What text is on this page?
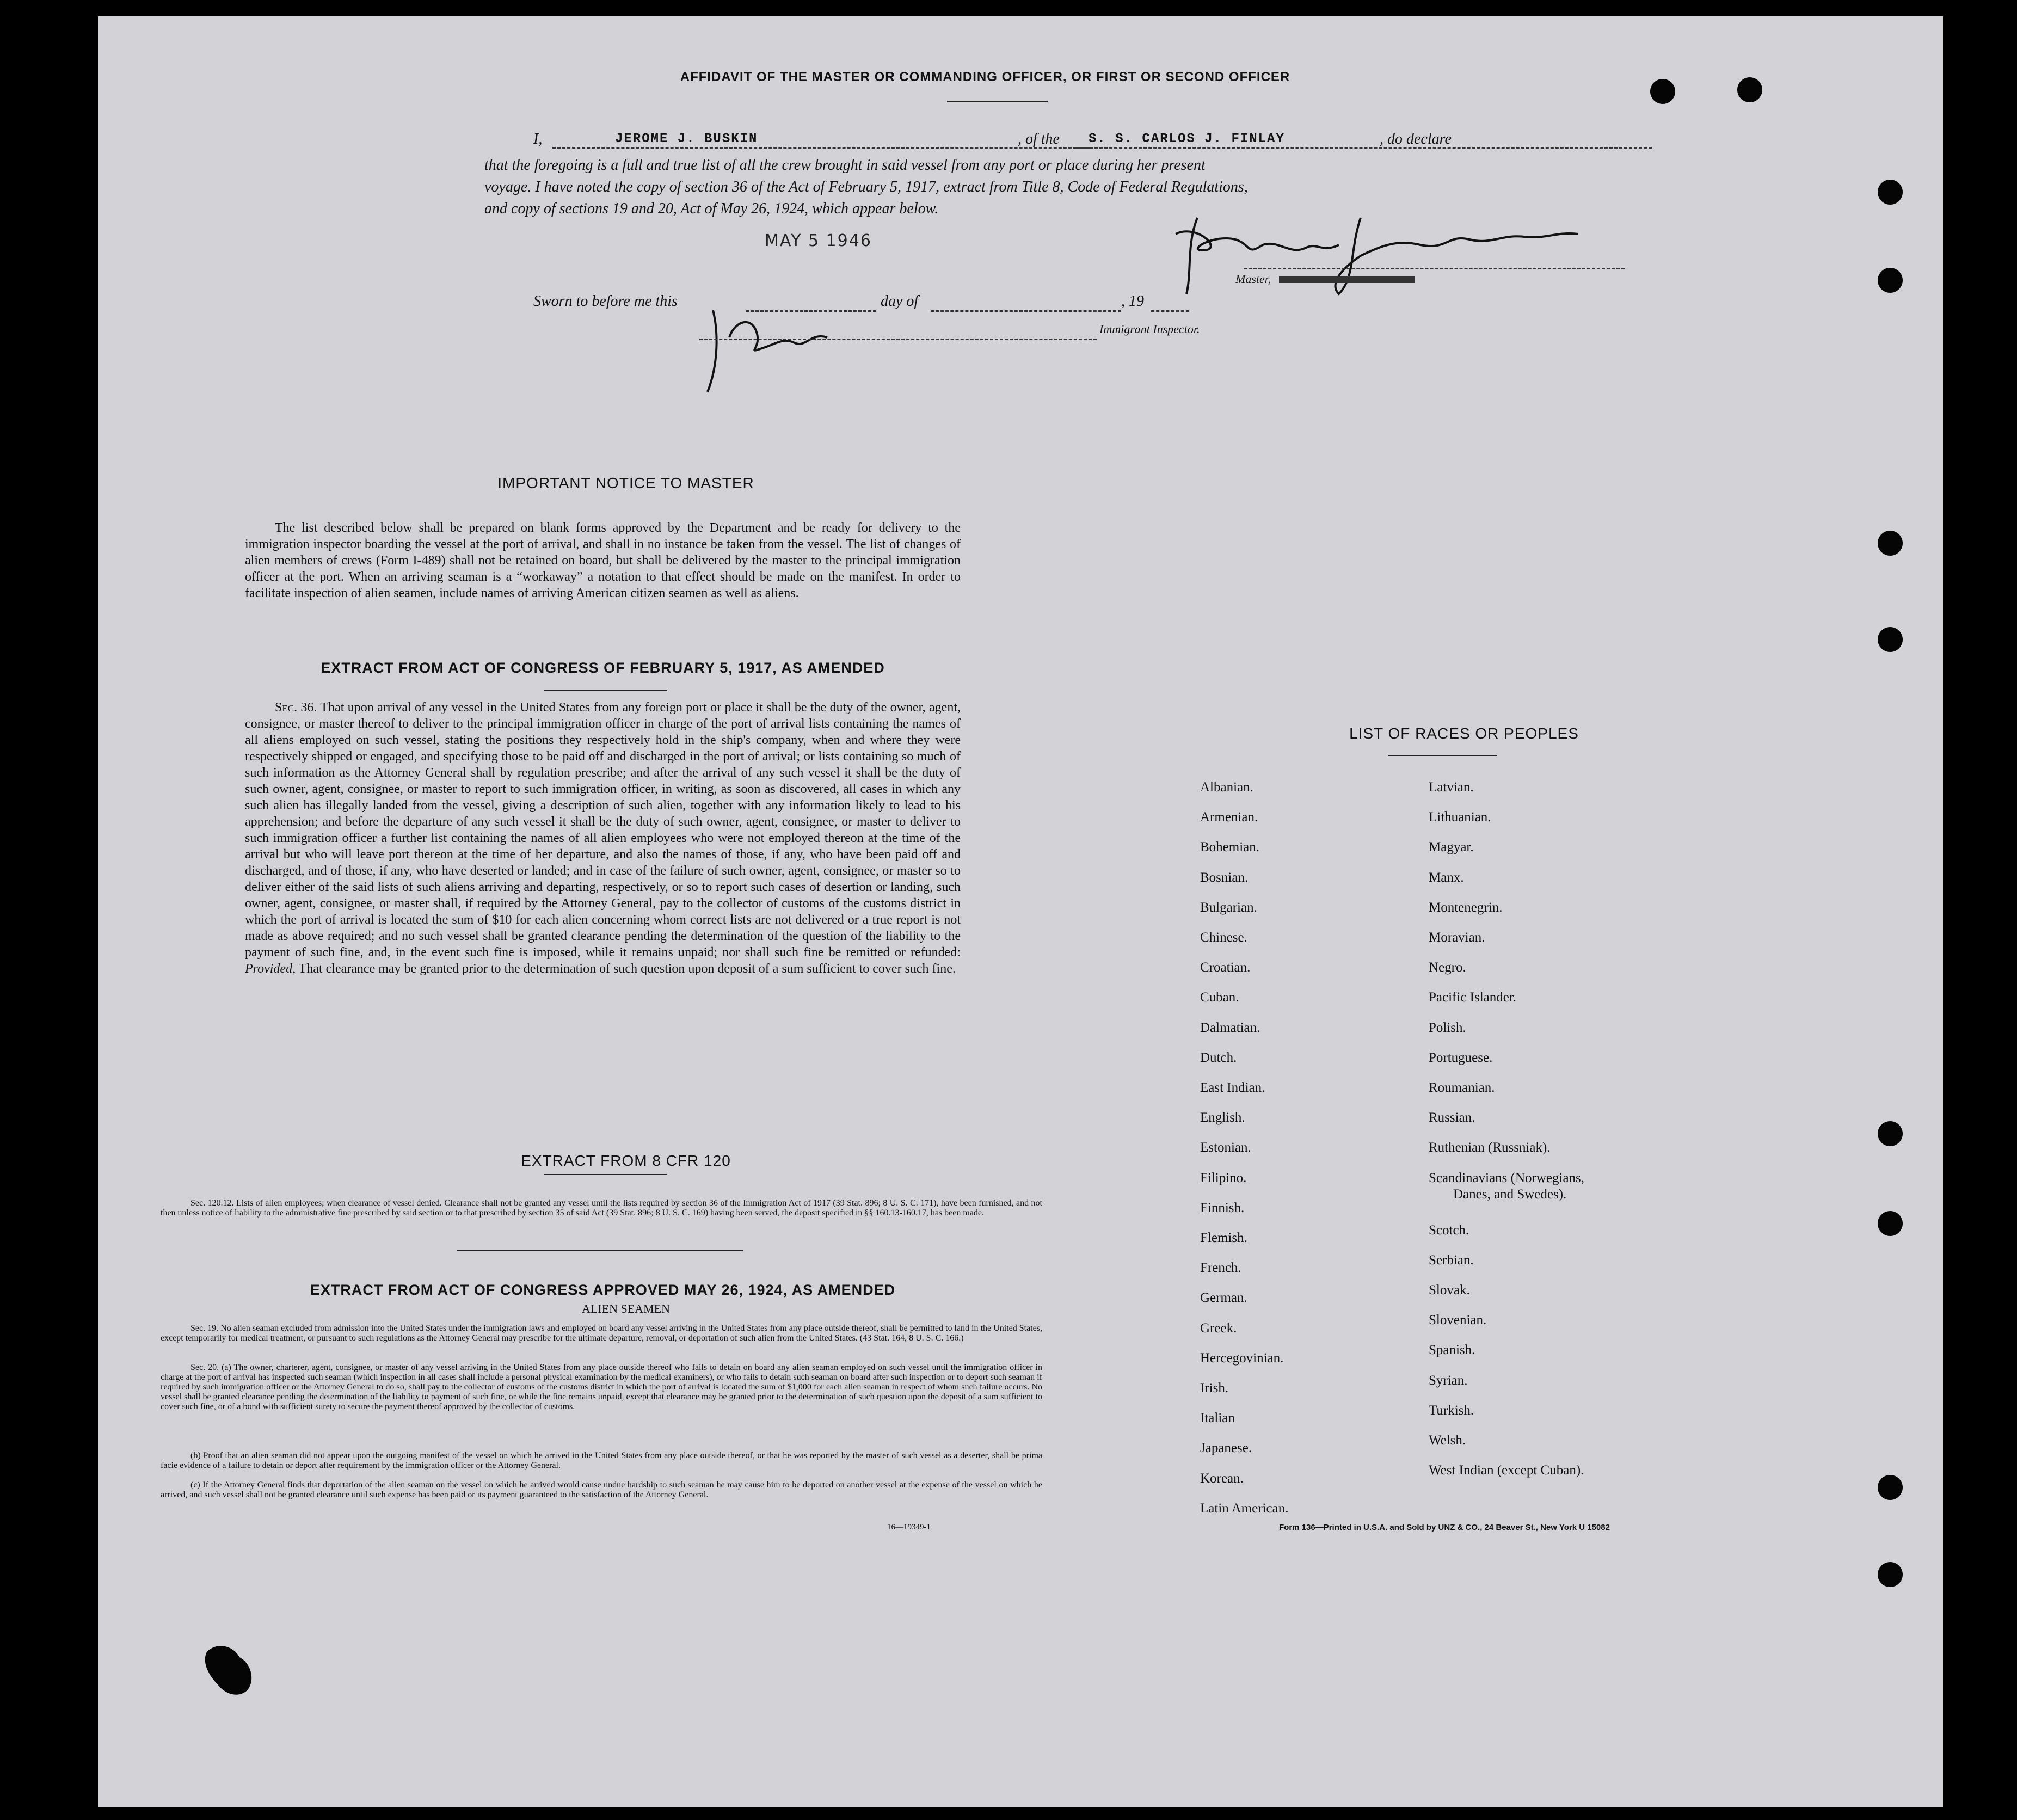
AFFIDAVIT OF THE MASTER OR COMMANDING OFFICER, OR FIRST OR SECOND OFFICER
I,	JEROME J. BUSKIN	, of the S. S. CARLOS J. FINLAY	, do declare
that the foregoing is a full and true list of all the crew brought in said vessel from any port or place during her present
voyage. I have noted the copy of section 36 of the Act of February 5, 1917, extract from Title 8, Code of Federal Regulations,
and copy of sections 19 and 20, Act of May 26, 1924, which appear below.
MAY 5 1946
Master,
Sworn to before me this	day of	, 19
Immigrant Inspector.
IMPORTANT NOTICE TO MASTER
The list described below shall be prepared on blank forms approved by the Department and be ready for delivery to the immigration inspector boarding the vessel at the port of arrival, and shall in no instance be taken from the vessel. The list of changes of alien members of crews (Form I-489) shall not be retained on board, but shall be delivered by the master to the principal immigration officer at the port. When an arriving seaman is a “workaway” a notation to that effect should be made on the manifest. In order to facilitate inspection of alien seamen, include names of arriving American citizen seamen as well as aliens.
EXTRACT FROM ACT OF CONGRESS OF FEBRUARY 5, 1917, AS AMENDED
Sec. 36. That upon arrival of any vessel in the United States from any foreign port or place it shall be the duty of the owner, agent, consignee, or master thereof to deliver to the principal immigration officer in charge of the port of arrival lists containing the names of all aliens employed on such vessel, stating the positions they respectively hold in the ship's company, when and where they were respectively shipped or engaged, and specifying those to be paid off and discharged in the port of arrival; or lists containing so much of such information as the Attorney General shall by regulation prescribe; and after the arrival of any such vessel it shall be the duty of such owner, agent, consignee, or master to report to such immigration officer, in writing, as soon as discovered, all cases in which any such alien has illegally landed from the vessel, giving a description of such alien, together with any information likely to lead to his apprehension; and before the departure of any such vessel it shall be the duty of such owner, agent, consignee, or master to deliver to such immigration officer a further list containing the names of all alien employees who were not employed thereon at the time of the arrival but who will leave port thereon at the time of her departure, and also the names of those, if any, who have been paid off and discharged, and of those, if any, who have deserted or landed; and in case of the failure of such owner, agent, consignee, or master so to deliver either of the said lists of such aliens arriving and departing, respectively, or so to report such cases of desertion or landing, such owner, agent, consignee, or master shall, if required by the Attorney General, pay to the collector of customs of the customs district in which the port of arrival is located the sum of $10 for each alien concerning whom correct lists are not delivered or a true report is not made as above required; and no such vessel shall be granted clearance pending the determination of the question of the liability to the payment of such fine, and, in the event such fine is imposed, while it remains unpaid; nor shall such fine be remitted or refunded: Provided, That clearance may be granted prior to the determination of such question upon deposit of a sum sufficient to cover such fine.
EXTRACT FROM 8 CFR 120
Sec. 120.12. Lists of alien employees; when clearance of vessel denied. Clearance shall not be granted any vessel until the lists required by section 36 of the Immigration Act of 1917 (39 Stat. 896; 8 U. S. C. 171), have been furnished, and not then unless notice of liability to the administrative fine prescribed by said section or to that prescribed by section 35 of said Act (39 Stat. 896; 8 U. S. C. 169) having been served, the deposit specified in §§ 160.13-160.17, has been made.
EXTRACT FROM ACT OF CONGRESS APPROVED MAY 26, 1924, AS AMENDED
ALIEN SEAMEN
Sec. 19. No alien seaman excluded from admission into the United States under the immigration laws and employed on board any vessel arriving in the United States from any place outside thereof, shall be permitted to land in the United States, except temporarily for medical treatment, or pursuant to such regulations as the Attorney General may prescribe for the ultimate departure, removal, or deportation of such alien from the United States. (43 Stat. 164, 8 U. S. C. 166.)
Sec. 20. (a) The owner, charterer, agent, consignee, or master of any vessel arriving in the United States from any place outside thereof who fails to detain on board any alien seaman employed on such vessel until the immigration officer in charge at the port of arrival has inspected such seaman (which inspection in all cases shall include a personal physical examination by the medical examiners), or who fails to detain such seaman on board after such inspection or to deport such seaman if required by such immigration officer or the Attorney General to do so, shall pay to the collector of customs of the customs district in which the port of arrival is located the sum of $1,000 for each alien seaman in respect of whom such failure occurs. No vessel shall be granted clearance pending the determination of the liability to payment of such fine, or while the fine remains unpaid, except that clearance may be granted prior to the determination of such question upon the deposit of a sum sufficient to cover such fine, or of a bond with sufficient surety to secure the payment thereof approved by the collector of customs.
(b) Proof that an alien seaman did not appear upon the outgoing manifest of the vessel on which he arrived in the United States from any place outside thereof, or that he was reported by the master of such vessel as a deserter, shall be prima facie evidence of a failure to detain or deport after requirement by the immigration officer or the Attorney General.
(c) If the Attorney General finds that deportation of the alien seaman on the vessel on which he arrived would cause undue hardship to such seaman he may cause him to be deported on another vessel at the expense of the vessel on which he arrived, and such vessel shall not be granted clearance until such expense has been paid or its payment guaranteed to the satisfaction of the Attorney General.
16—19349-1
LIST OF RACES OR PEOPLES
Albanian.
Armenian.
Bohemian.
Bosnian.
Bulgarian.
Chinese.
Croatian.
Cuban.
Dalmatian.
Dutch.
East Indian.
English.
Estonian.
Filipino.
Finnish.
Flemish.
French.
German.
Greek.
Hercegovinian.
Irish.
Italian
Japanese.
Korean.
Latin American.
Latvian.
Lithuanian.
Magyar.
Manx.
Montenegrin.
Moravian.
Negro.
Pacific Islander.
Polish.
Portuguese.
Roumanian.
Russian.
Ruthenian (Russniak).
Scandinavians (Norwegians,
Danes, and Swedes).
Scotch.
Serbian.
Slovak.
Slovenian.
Spanish.
Syrian.
Turkish.
Welsh.
West Indian (except Cuban).
Form 136—Printed in U.S.A. and Sold by UNZ & CO., 24 Beaver St., New York U 15082
